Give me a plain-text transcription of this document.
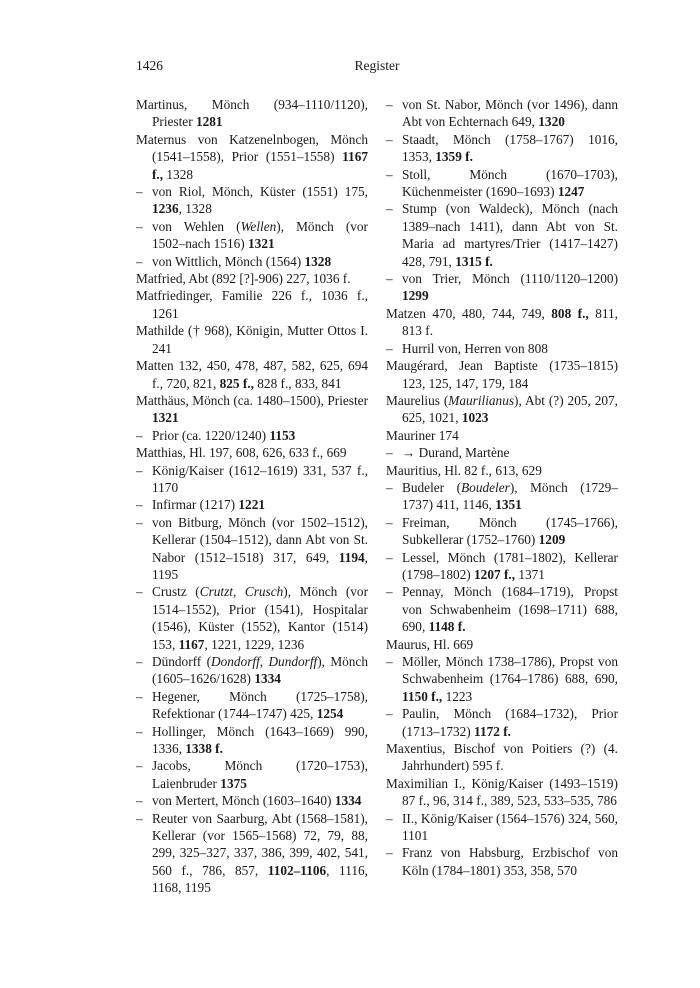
1426	Register

Martinus, Mönch (934–1110/1120), Priester 1281

Maternus von Katzenelnbogen, Mönch (1541–1558), Prior (1551–1558) 1167 f., 1328

– von Riol, Mönch, Küster (1551) 175, 1236, 1328

– von Wehlen (Wellen), Mönch (vor 1502–nach 1516) 1321

– von Wittlich, Mönch (1564) 1328

Matfried, Abt (892 [?]-906) 227, 1036 f.

Matfriedinger, Familie 226 f., 1036 f., 1261

Mathilde († 968), Königin, Mutter Ottos I. 241

Matten 132, 450, 478, 487, 582, 625, 694 f., 720, 821, 825 f., 828 f., 833, 841

Matthäus, Mönch (ca. 1480–1500), Priester 1321

– Prior (ca. 1220/1240) 1153

Matthias, Hl. 197, 608, 626, 633 f., 669

– König/Kaiser (1612–1619) 331, 537 f., 1170

– Infirmar (1217) 1221

– von Bitburg, Mönch (vor 1502–1512), Kellerar (1504–1512), dann Abt von St. Nabor (1512–1518) 317, 649, 1194, 1195

– Crustz (Crutzt, Crusch), Mönch (vor 1514–1552), Prior (1541), Hospitalar (1546), Küster (1552), Kantor (1514) 153, 1167, 1221, 1229, 1236

– Dündorff (Dondorff, Dundorff), Mönch (1605–1626/1628) 1334

– Hegener, Mönch (1725–1758), Refektionar (1744–1747) 425, 1254

– Hollinger, Mönch (1643–1669) 990, 1336, 1338 f.

– Jacobs, Mönch (1720–1753), Laienbruder 1375

– von Mertert, Mönch (1603–1640) 1334

– Reuter von Saarburg, Abt (1568–1581), Kellerar (vor 1565–1568) 72, 79, 88, 299, 325–327, 337, 386, 399, 402, 541, 560 f., 786, 857, 1102–1106, 1116, 1168, 1195

– von St. Nabor, Mönch (vor 1496), dann Abt von Echternach 649, 1320

– Staadt, Mönch (1758–1767) 1016, 1353, 1359 f.

– Stoll, Mönch (1670–1703), Küchenmeister (1690–1693) 1247

– Stump (von Waldeck), Mönch (nach 1389–nach 1411), dann Abt von St. Maria ad martyres/Trier (1417–1427) 428, 791, 1315 f.

– von Trier, Mönch (1110/1120–1200) 1299

Matzen 470, 480, 744, 749, 808 f., 811, 813 f.

– Hurril von, Herren von 808

Maugérard, Jean Baptiste (1735–1815) 123, 125, 147, 179, 184

Maurelius (Maurilianus), Abt (?) 205, 207, 625, 1021, 1023

Mauriner 174

– → Durand, Martène

Mauritius, Hl. 82 f., 613, 629

– Budeler (Boudeler), Mönch (1729–1737) 411, 1146, 1351

– Freiman, Mönch (1745–1766), Subkellerar (1752–1760) 1209

– Lessel, Mönch (1781–1802), Kellerar (1798–1802) 1207 f., 1371

– Pennay, Mönch (1684–1719), Propst von Schwabenheim (1698–1711) 688, 690, 1148 f.

Maurus, Hl. 669

– Möller, Mönch 1738–1786), Propst von Schwabenheim (1764–1786) 688, 690, 1150 f., 1223

– Paulin, Mönch (1684–1732), Prior (1713–1732) 1172 f.

Maxentius, Bischof von Poitiers (?) (4. Jahrhundert) 595 f.

Maximilian I., König/Kaiser (1493–1519) 87 f., 96, 314 f., 389, 523, 533–535, 786

– II., König/Kaiser (1564–1576) 324, 560, 1101

– Franz von Habsburg, Erzbischof von Köln (1784–1801) 353, 358, 570
